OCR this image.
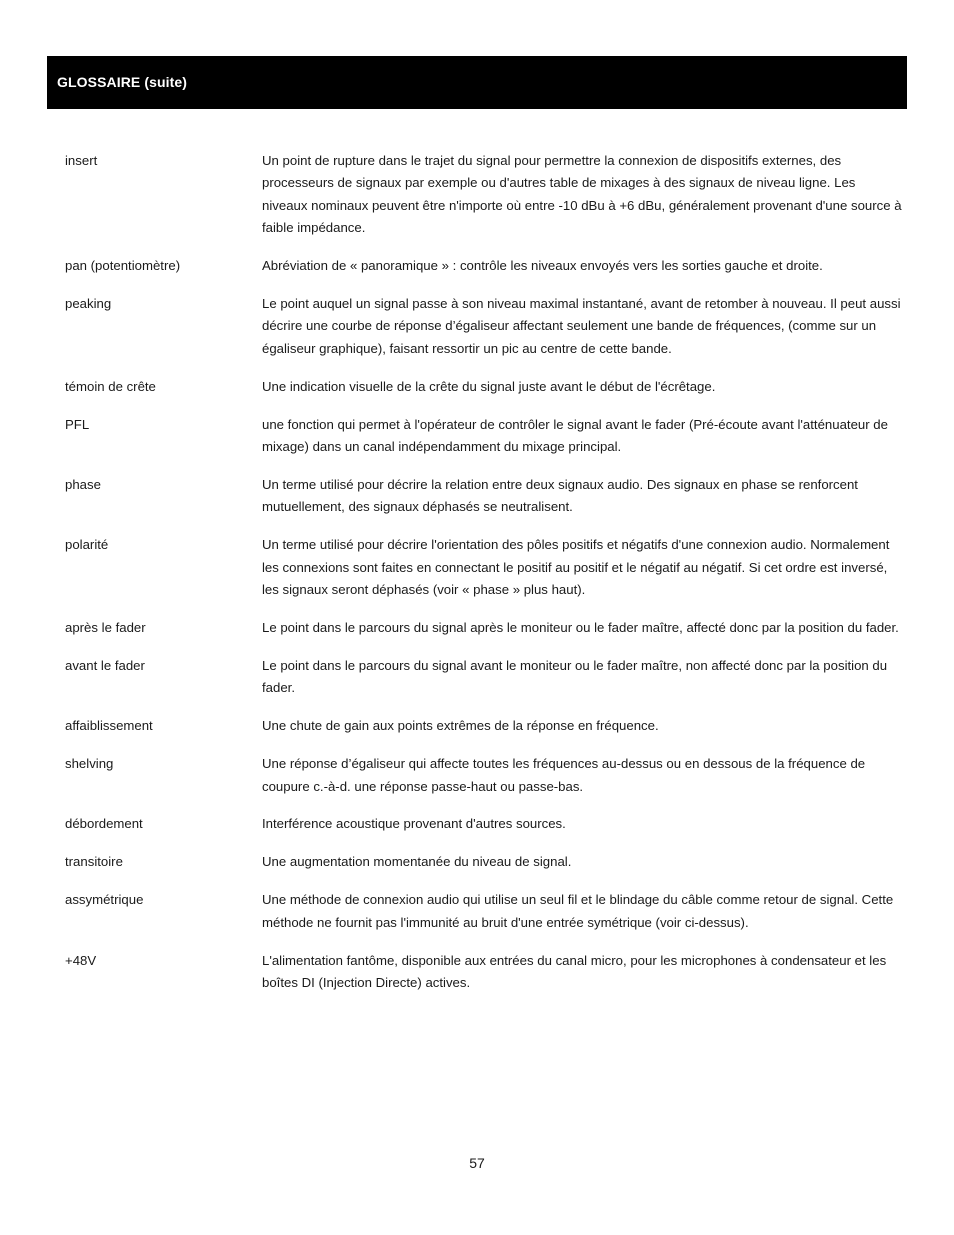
GLOSSAIRE (suite)
insert	Un point de rupture dans le trajet du signal pour permettre la connexion de dispositifs externes, des processeurs de signaux par exemple ou d'autres table de mixages à des signaux de niveau ligne. Les niveaux nominaux peuvent être n'importe où entre -10 dBu à +6 dBu, généralement provenant d'une source à faible impédance.
pan (potentiomètre)	Abréviation de « panoramique » : contrôle les niveaux envoyés vers les sorties gauche et droite.
peaking	Le point auquel un signal passe à son niveau maximal instantané, avant de retomber à nouveau. Il peut aussi décrire une courbe de réponse d’égaliseur affectant seulement une bande de fréquences, (comme sur un égaliseur graphique), faisant ressortir un pic au centre de cette bande.
témoin de crête	Une indication visuelle de la crête du signal juste avant le début de l'écrêtage.
PFL	une fonction qui permet à l'opérateur de contrôler le signal avant le fader (Pré-écoute avant l'atténuateur de mixage) dans un canal indépendamment du mixage principal.
phase	Un terme utilisé pour décrire la relation entre deux signaux audio. Des signaux en phase se renforcent mutuellement, des signaux déphasés se neutralisent.
polarité	Un terme utilisé pour décrire l'orientation des pôles positifs et négatifs d'une connexion audio. Normalement les connexions sont faites en connectant le positif au positif et le négatif au négatif. Si cet ordre est inversé, les signaux seront déphasés (voir « phase » plus haut).
après le fader	Le point dans le parcours du signal après le moniteur ou le fader maître, affecté donc par la position du fader.
avant le fader	Le point dans le parcours du signal avant le moniteur ou le fader maître, non affecté donc par la position du fader.
affaiblissement	Une chute de gain aux points extrêmes de la réponse en fréquence.
shelving	Une réponse d’égaliseur qui affecte toutes les fréquences au-dessus ou en dessous de la fréquence de coupure c.-à-d. une réponse passe-haut ou passe-bas.
débordement	Interférence acoustique provenant d'autres sources.
transitoire	Une augmentation momentanée du niveau de signal.
assymétrique	Une méthode de connexion audio qui utilise un seul fil et le blindage du câble comme retour de signal. Cette méthode ne fournit pas l'immunité au bruit d'une entrée symétrique (voir ci-dessus).
+48V	L'alimentation fantôme, disponible aux entrées du canal micro, pour les microphones à condensateur et les boîtes DI (Injection Directe) actives.
57
